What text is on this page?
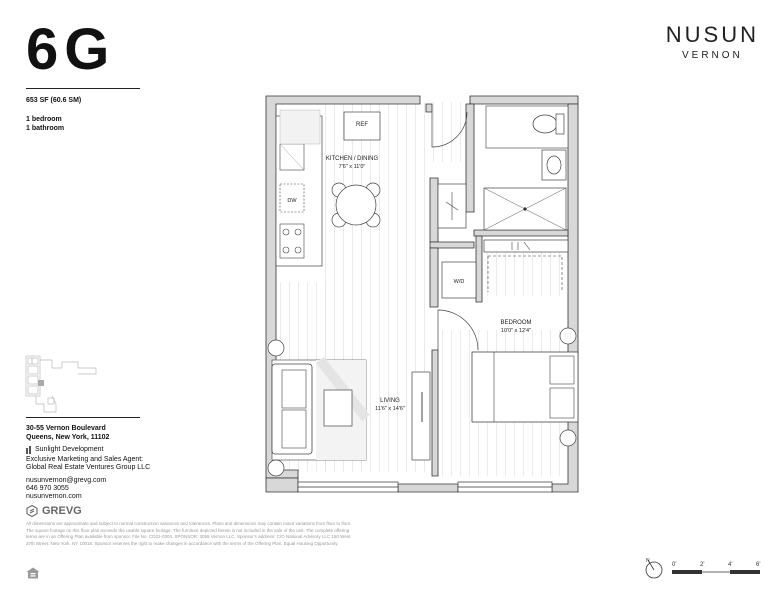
6G
653 SF (60.6 SM)
1 bedroom
1 bathroom
30-55 Vernon Boulevard
Queens, New York, 11102
Sunlight Development
Exclusive Marketing and Sales Agent:
Global Real Estate Ventures Group LLC
nusunvernon@grevg.com
646 970 3055
nusunvernon.com
GREVG
All dimensions are approximate and subject to normal construction variances and tolerances. Plans and dimensions may contain minor variations from floor to floor. The square footage on this floor plan exceeds the usable square footage. The furniture depicted herein is not included in the sale of the unit. The complete offering terms are in an Offering Plan available from sponsor. File No. CD22-0304. SPONSOR: 3055 Vernon LLC. Sponsor's address: C/O National Advisory LLC 150 West 37th Street, New York, NY 10018. Sponsor reserves the right to make changes in accordance with the terms of the Offering Plan. Equal Housing Opportunity.
NUSUN
VERNON
W/D
DW
REF
KITCHEN / DINING
7'6" x 11'0"
LIVING
11'6" x 14'6"
BEDROOM
10'0" x 12'4"
N
0'	2'	4'	6'
